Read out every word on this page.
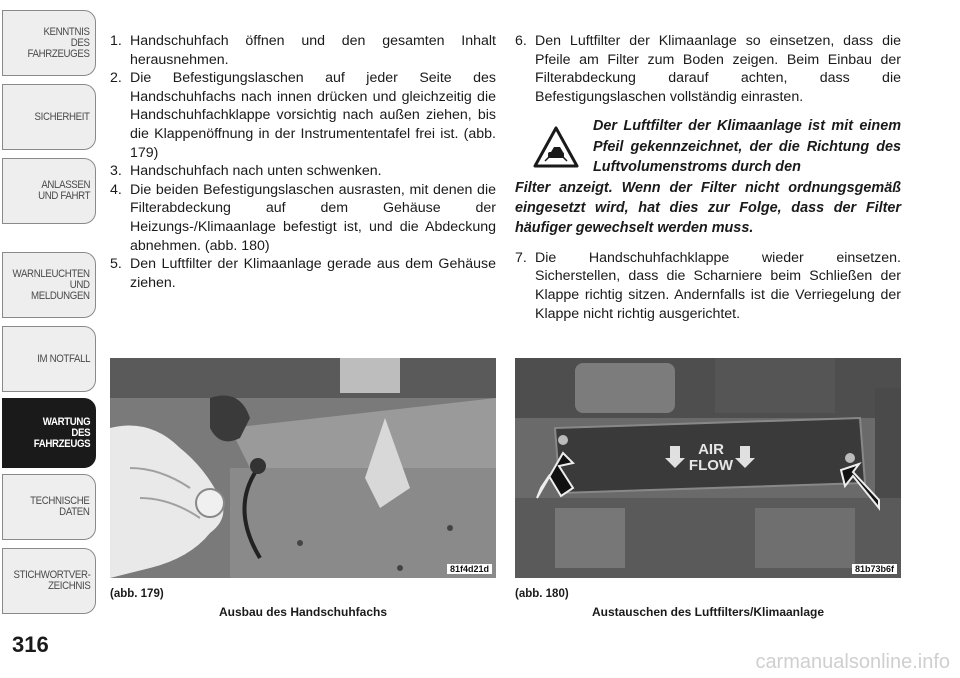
KENNTNIS
DES
FAHRZEUGES
SICHERHEIT
ANLASSEN
UND FAHRT
WARNLEUCHTEN
UND
MELDUNGEN
IM NOTFALL
WARTUNG
DES
FAHRZEUGS
TECHNISCHE
DATEN
STICHWORTVER-
ZEICHNIS
316
1. Handschuhfach öffnen und den gesamten Inhalt herausnehmen.
2. Die Befestigungslaschen auf jeder Seite des Handschuhfachs nach innen drücken und gleichzeitig die Handschuhfachklappe vorsichtig nach außen ziehen, bis die Klappenöffnung in der Instrumententafel frei ist. (abb. 179)
3. Handschuhfach nach unten schwenken.
4. Die beiden Befestigungslaschen ausrasten, mit denen die Filterabdeckung auf dem Gehäuse der Heizungs-/Klimaanlage befestigt ist, und die Abdeckung abnehmen. (abb. 180)
5. Den Luftfilter der Klimaanlage gerade aus dem Gehäuse ziehen.
6. Den Luftfilter der Klimaanlage so einsetzen, dass die Pfeile am Filter zum Boden zeigen. Beim Einbau der Filterabdeckung darauf achten, dass die Befestigungslaschen vollständig einrasten.

Der Luftfilter der Klimaanlage ist mit einem Pfeil gekennzeichnet, der die Richtung des Luftvolumenstroms durch den
Filter anzeigt. Wenn der Filter nicht ordnungsgemäß eingesetzt wird, hat dies zur Folge, dass der Filter häufiger gewechselt werden muss.

7. Die Handschuhfachklappe wieder einsetzen. Sicherstellen, dass die Scharniere beim Schließen der Klappe richtig sitzen. Andernfalls ist die Verriegelung der Klappe nicht richtig ausgerichtet.
81f4d21d
(abb. 179)
Ausbau des Handschuhfachs
AIR
FLOW
81b73b6f
(abb. 180)
Austauschen des Luftfilters/Klimaanlage
carmanualsonline.info
